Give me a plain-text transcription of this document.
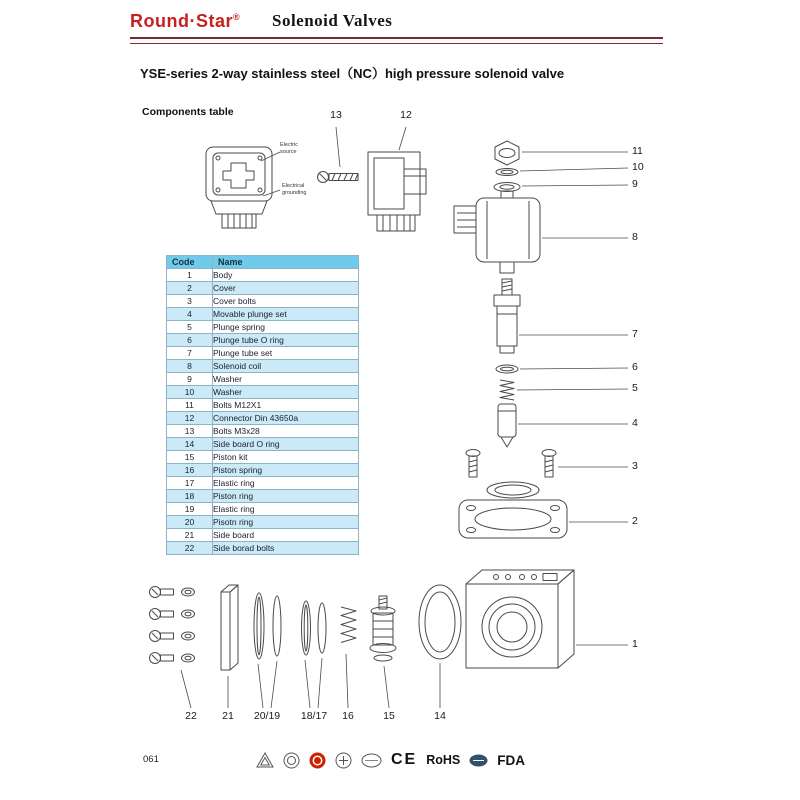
Round·Star® Solenoid Valves
YSE-series 2-way stainless steel（NC）high pressure solenoid valve
Components table
Electric source
Electrical grounding
13	12
11
10
9
8
7
6
5
4
3
2
1
22 21 20/19 18/17 16	15	14
Code	Name
1	Body
2	Cover
3	Cover bolts
4	Movable plunge set
5	Plunge spring
6	Plunge tube O ring
7	Plunge tube set
8	Solenoid coil
9	Washer
10	Washer
11	Bolts M12X1
12	Connector Din 43650a
13	Bolts M3x28
14	Side board O ring
15	Piston kit
16	Piston spring
17	Elastic ring
18	Piston ring
19	Elastic ring
20	Pisotn ring
21	Side board
22	Side borad bolts
061	CE RoHS	FDA
